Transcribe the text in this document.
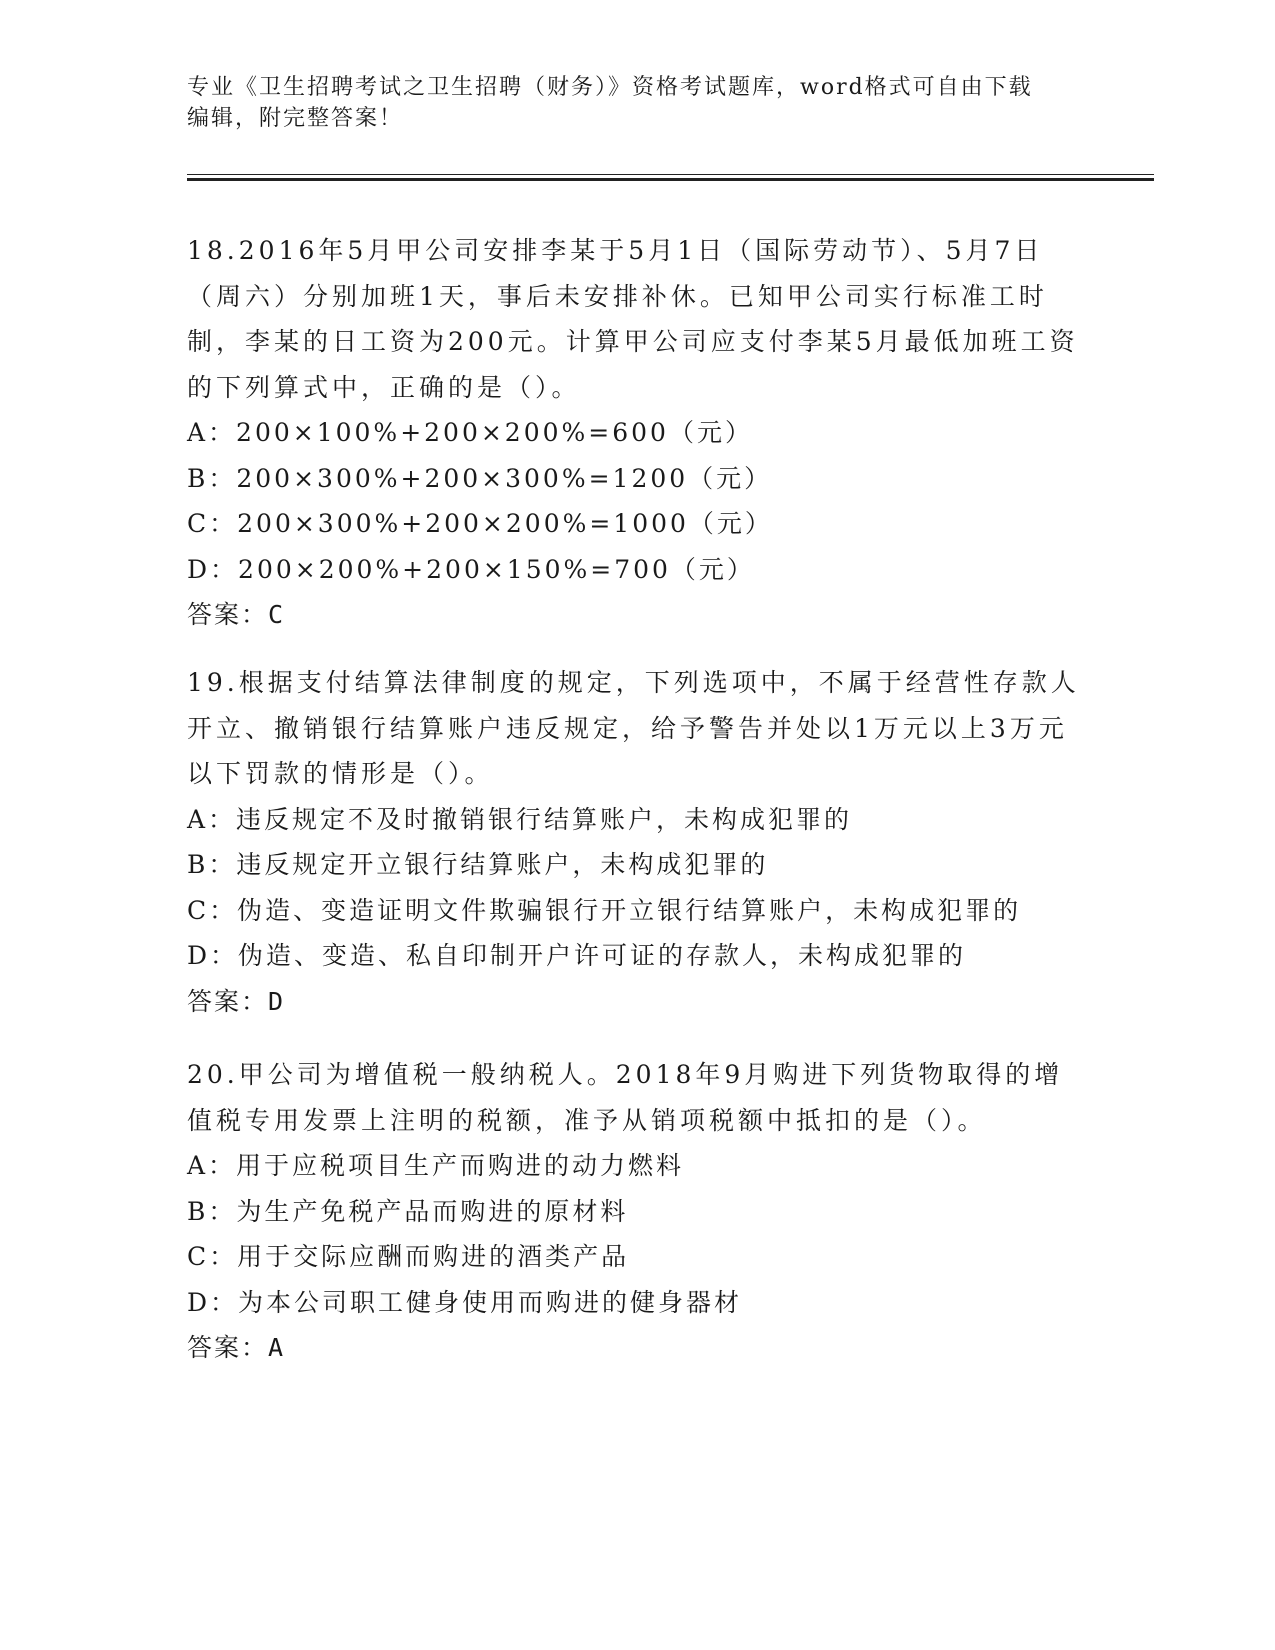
专业《卫生招聘考试之卫生招聘（财务）》资格考试题库，word格式可自由下载
编辑，附完整答案！

18.2016年5月甲公司安排李某于5月1日（国际劳动节）、5月7日（周六）分别加班1天，事后未安排补休。已知甲公司实行标准工时制，李某的日工资为200元。计算甲公司应支付李某5月最低加班工资的下列算式中，正确的是（）。

A：200×100%+200×200%=600（元）
B：200×300%+200×300%=1200（元）
C：200×300%+200×200%=1000（元）
D：200×200%+200×150%=700（元）
答案：C

19.根据支付结算法律制度的规定，下列选项中，不属于经营性存款人开立、撤销银行结算账户违反规定，给予警告并处以1万元以上3万元以下罚款的情形是（）。

A：违反规定不及时撤销银行结算账户，未构成犯罪的
B：违反规定开立银行结算账户，未构成犯罪的
C：伪造、变造证明文件欺骗银行开立银行结算账户，未构成犯罪的
D：伪造、变造、私自印制开户许可证的存款人，未构成犯罪的
答案：D

20.甲公司为增值税一般纳税人。2018年9月购进下列货物取得的增值税专用发票上注明的税额，准予从销项税额中抵扣的是（）。

A：用于应税项目生产而购进的动力燃料
B：为生产免税产品而购进的原材料
C：用于交际应酬而购进的酒类产品
D：为本公司职工健身使用而购进的健身器材
答案：A
